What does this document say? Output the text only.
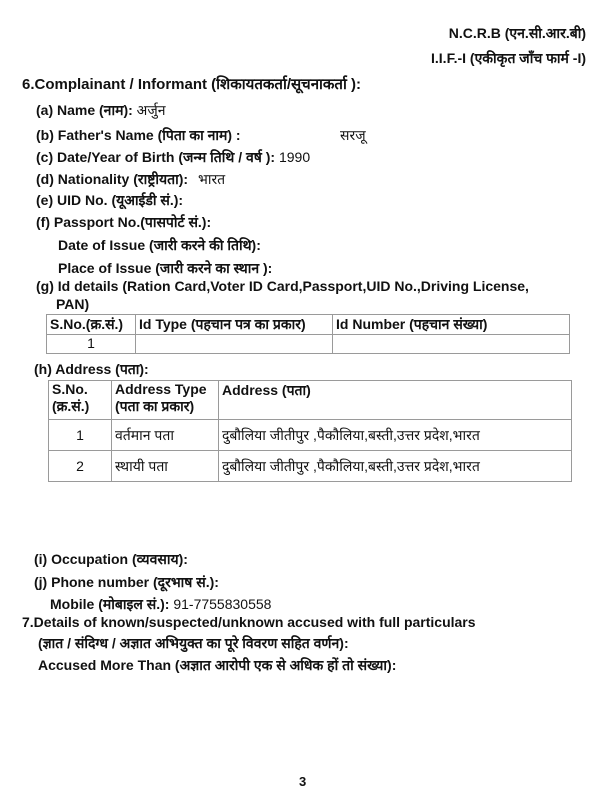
N.C.R.B (एन.सी.आर.बी)
I.I.F.-I (एकीकृत जाँच फार्म -I)
6.Complainant / Informant (शिकायतकर्ता/सूचनाकर्ता ):
(a) Name (नाम): अर्जुन
(b) Father's Name (पिता का नाम) :	सरजू
(c) Date/Year of Birth (जन्म तिथि / वर्ष ): 1990
(d) Nationality (राष्ट्रीयता): भारत
(e) UID No. (यूआईडी सं.):
(f) Passport No.(पासपोर्ट सं.):
Date of Issue (जारी करने की तिथि):
Place of Issue (जारी करने का स्थान ):
(g) Id details (Ration Card,Voter ID Card,Passport,UID No.,Driving License,
PAN)
S.No.(क्र.सं.)	Id Type (पहचान पत्र का प्रकार)	Id Number (पहचान संख्या)
1		
(h) Address (पता):
S.No. (क्र.सं.)	Address Type (पता का प्रकार)	Address (पता)
1	वर्तमान पता	दुबौलिया जीतीपुर ,पैकौलिया,बस्ती,उत्तर प्रदेश,भारत
2	स्थायी पता	दुबौलिया जीतीपुर ,पैकौलिया,बस्ती,उत्तर प्रदेश,भारत
(i) Occupation (व्यवसाय):
(j) Phone number (दूरभाष सं.):
Mobile (मोबाइल सं.): 91-7755830558
7.Details of known/suspected/unknown accused with full particulars
(ज्ञात / संदिग्ध / अज्ञात अभियुक्त का पूरे विवरण सहित वर्णन):
Accused More Than (अज्ञात आरोपी एक से अधिक हों तो संख्या):
3
